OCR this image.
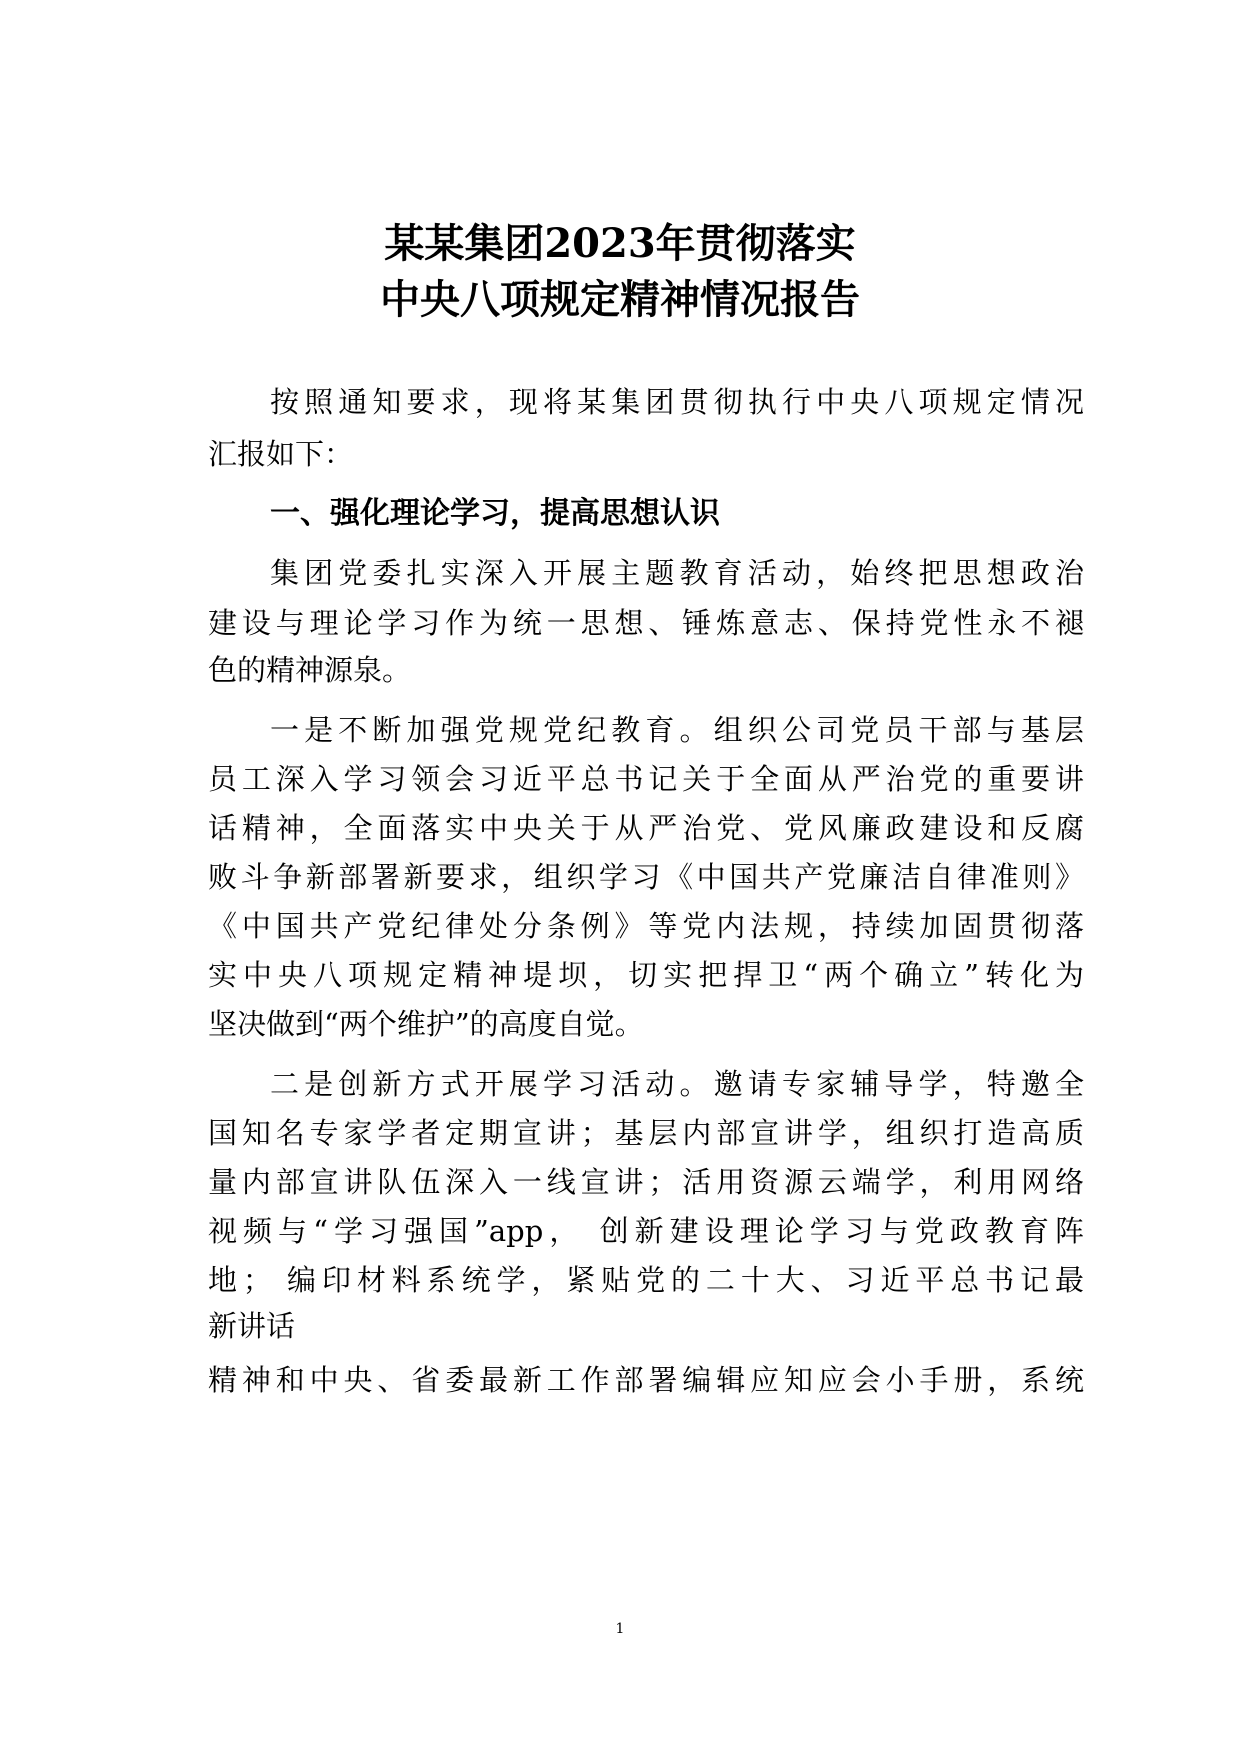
某某集团2023年贯彻落实
中央八项规定精神情况报告
按照通知要求，现将某集团贯彻执行中央八项规定情况
汇报如下：
一、强化理论学习，提高思想认识
集团党委扎实深入开展主题教育活动，始终把思想政治
建设与理论学习作为统一思想、锤炼意志、保持党性永不褪
色的精神源泉。
一是不断加强党规党纪教育。组织公司党员干部与基层
员工深入学习领会习近平总书记关于全面从严治党的重要讲
话精神，全面落实中央关于从严治党、党风廉政建设和反腐
败斗争新部署新要求，组织学习《中国共产党廉洁自律准则》
《中国共产党纪律处分条例》等党内法规，持续加固贯彻落
实中央八项规定精神堤坝，切实把捍卫“两个确立”转化为
坚决做到“两个维护”的高度自觉。
二是创新方式开展学习活动。邀请专家辅导学，特邀全
国知名专家学者定期宣讲；基层内部宣讲学，组织打造高质
量内部宣讲队伍深入一线宣讲；活用资源云端学，利用网络
视频与“学习强国”app， 创新建设理论学习与党政教育阵
地； 编印材料系统学，紧贴党的二十大、习近平总书记最
新讲话
精神和中央、省委最新工作部署编辑应知应会小手册，系统
1
